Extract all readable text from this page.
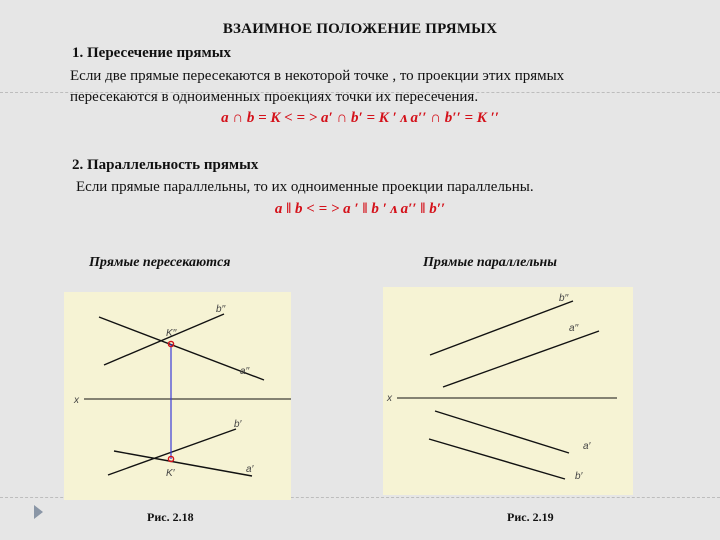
ВЗАИМНОЕ ПОЛОЖЕНИЕ ПРЯМЫХ
1. Пересечение прямых
Если две прямые пересекаются в некоторой точке , то проекции этих прямых
пересекаются в одноименных проекциях точки их пересечения.
a ∩ b = K < = > a′ ∩ b′ = K ′ ᴧ a′′ ∩ b′′ = K ′′
2. Параллельность прямых
Если прямые параллельны, то их одноименные проекции параллельны.
a ‖ b < = > a ′ ‖ b ′ ᴧ a′′ ‖ b′′
Прямые пересекаются	Прямые параллельны
b′′
K′′
a′′
x
b′
K′	a′
b′′
a′′
x
a′
b′
Рис. 2.18	Рис. 2.19
